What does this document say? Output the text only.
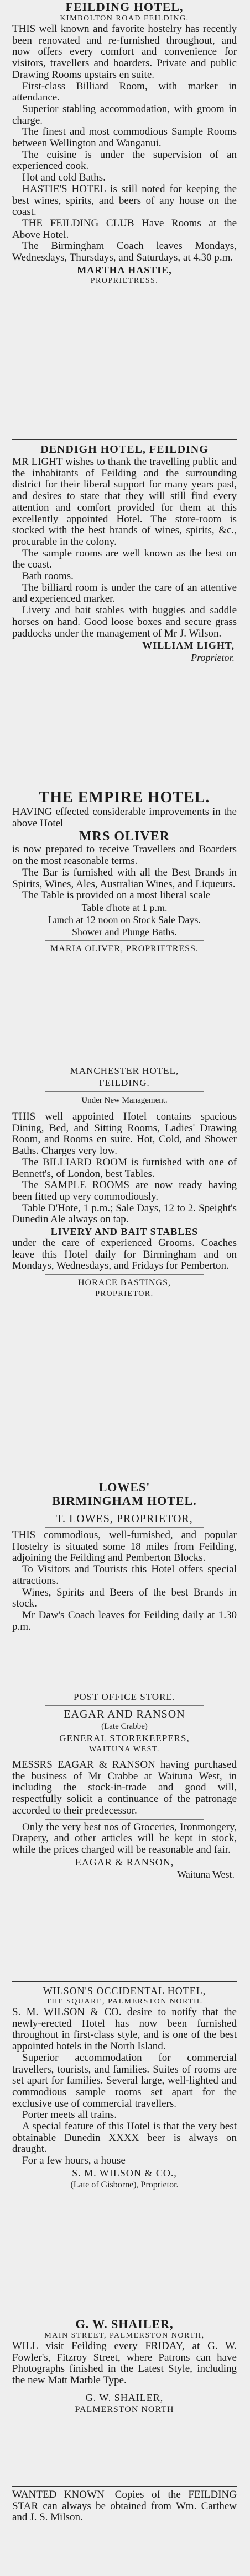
FEILDING HOTEL,
KIMBOLTON ROAD FEILDING.

THIS well known and favorite hostelry has recently been renovated and re-furnished throughout, and now offers every comfort and convenience for visitors, travellers and boarders. Private and public Drawing Rooms upstairs en suite.

First-class Billiard Room, with marker in attendance.

Superior stabling accommodation, with groom in charge.

The finest and most commodious Sample Rooms between Wellington and Wanganui.

The cuisine is under the supervision of an experienced cook.

Hot and cold Baths.

HASTIE'S HOTEL is still noted for keeping the best wines, spirits, and beers of any house on the coast.

THE FEILDING CLUB Have Rooms at the Above Hotel.

The Birmingham Coach leaves Mondays, Wednesdays, Thursdays, and Saturdays, at 4.30 p.m.

MARTHA HASTIE,
PROPRIETRESS.
DENDIGH HOTEL, FEILDING

MR LIGHT wishes to thank the travelling public and the inhabitants of Feilding and the surrounding district for their liberal support for many years past, and desires to state that they will still find every attention and comfort provided for them at this excellently appointed Hotel. The store-room is stocked with the best brands of wines, spirits, &c., procurable in the colony.

The sample rooms are well known as the best on the coast.

Bath rooms.

The billiard room is under the care of an attentive and experienced marker.

Livery and bait stables with buggies and saddle horses on hand. Good loose boxes and secure grass paddocks under the management of Mr J. Wilson.

WILLIAM LIGHT,
Proprietor.
THE EMPIRE HOTEL.

HAVING effected considerable improvements in the above Hotel

MRS OLIVER

is now prepared to receive Travellers and Boarders on the most reasonable terms.

The Bar is furnished with all the Best Brands in Spirits, Wines, Ales, Australian Wines, and Liqueurs.

The Table is provided on a most liberal scale

Table d'hote at 1 p.m.
Lunch at 12 noon on Stock Sale Days.
Shower and Plunge Baths.
MARIA OLIVER, PROPRIETRESS.
MANCHESTER HOTEL,
FEILDING.
Under New Management.

THIS well appointed Hotel contains spacious Dining, Bed, and Sitting Rooms, Ladies' Drawing Room, and Rooms en suite. Hot, Cold, and Shower Baths. Charges very low.

The BILLIARD ROOM is furnished with one of Bennett's, of London, best Tables.

The SAMPLE ROOMS are now ready having been fitted up very commodiously.

Table D'Hote, 1 p.m.; Sale Days, 12 to 2. Speight's Dunedin Ale always on tap.

LIVERY AND BAIT STABLES

under the care of experienced Grooms. Coaches leave this Hotel daily for Birmingham and on Mondays, Wednesdays, and Fridays for Pemberton.

HORACE BASTINGS,
PROPRIETOR.
LOWES'
BIRMINGHAM HOTEL.
T. LOWES, PROPRIETOR,

THIS commodious, well-furnished, and popular Hostelry is situated some 18 miles from Feilding, adjoining the Feilding and Pemberton Blocks.

To Visitors and Tourists this Hotel offers special attractions.

Wines, Spirits and Beers of the best Brands in stock.

Mr Daw's Coach leaves for Feilding daily at 1.30 p.m.

POST OFFICE STORE.
EAGAR AND RANSON
(Late Crabbe)
GENERAL STOREKEEPERS,
WAITUNA WEST.

MESSRS EAGAR & RANSON having purchased the business of Mr Crabbe at Waituna West, in including the stock-in-trade and good will, respectfully solicit a continuance of the patronage accorded to their predecessor.

Only the very best nos of Groceries, Ironmongery, Drapery, and other articles will be kept in stock, while the prices charged will be reasonable and fair.

EAGAR & RANSON,
Waituna West.
WILSON'S OCCIDENTAL HOTEL,
THE SQUARE, PALMERSTON NORTH.

S. M. WILSON & CO. desire to notify that the newly-erected Hotel has now been furnished throughout in first-class style, and is one of the best appointed hotels in the North Island.

Superior accommodation for commercial travellers, tourists, and families. Suites of rooms are set apart for families. Several large, well-lighted and commodious sample rooms set apart for the exclusive use of commercial travellers.

Porter meets all trains.

A special feature of this Hotel is that the very best obtainable Dunedin XXXX beer is always on draught.

For a few hours, a house

S. M. WILSON & CO.,
(Late of Gisborne), Proprietor.
G. W. SHAILER,
MAIN STREET, PALMERSTON NORTH,

WILL visit Feilding every FRIDAY, at G. W. Fowler's, Fitzroy Street, where Patrons can have Photographs finished in the Latest Style, including the new Matt Marble Type.

G. W. SHAILER,
PALMERSTON NORTH

WANTED KNOWN—Copies of the FEILDING STAR can always be obtained from Wm. Carthew and J. S. Milson.
